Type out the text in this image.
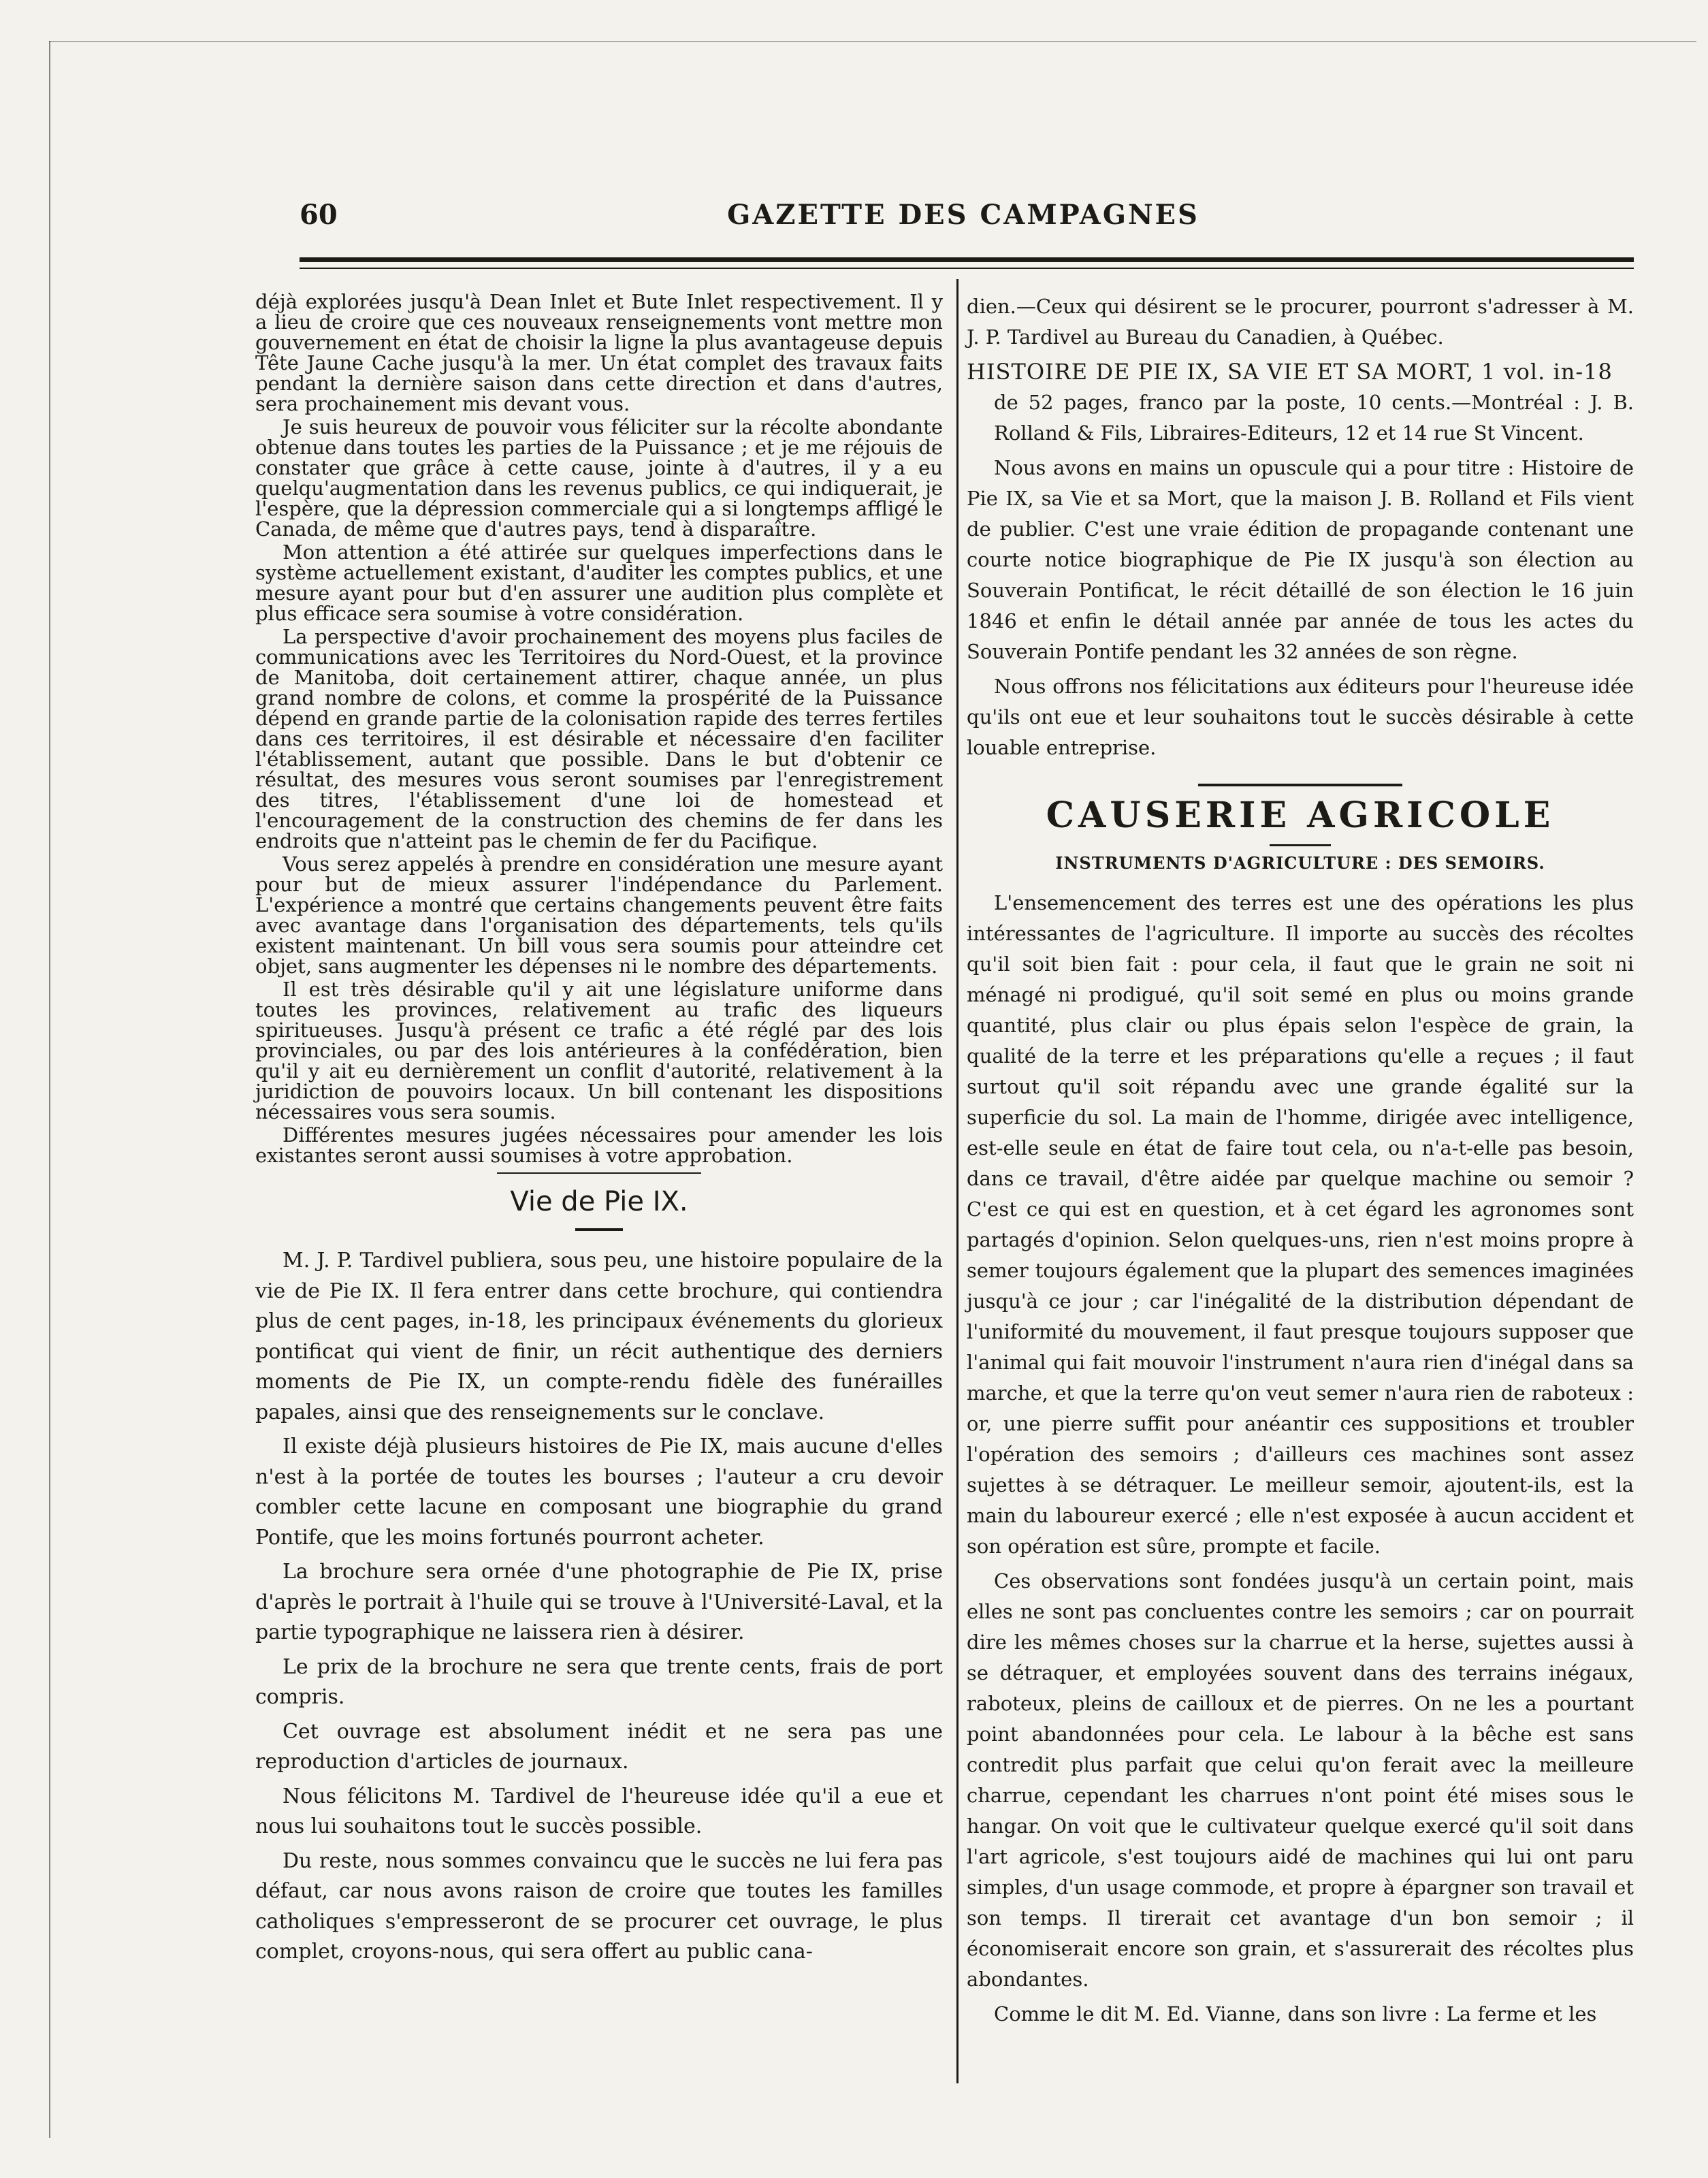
GAZETTE DES CAMPAGNES
60

déjà explorées jusqu'à Dean Inlet et Bute Inlet respectivement. Il y a lieu de croire que ces nouveaux renseignements vont mettre mon gouvernement en état de choisir la ligne la plus avantageuse depuis Tête Jaune Cache jusqu'à la mer. Un état complet des travaux faits pendant la dernière saison dans cette direction et dans d'autres, sera prochainement mis devant vous.

Je suis heureux de pouvoir vous féliciter sur la récolte abondante obtenue dans toutes les parties de la Puissance ; et je me réjouis de constater que grâce à cette cause, jointe à d'autres, il y a eu quelqu'augmentation dans les revenus publics, ce qui indiquerait, je l'espère, que la dépression commerciale qui a si longtemps affligé le Canada, de même que d'autres pays, tend à disparaître.

Mon attention a été attirée sur quelques imperfections dans le système actuellement existant, d'auditer les comptes publics, et une mesure ayant pour but d'en assurer une audition plus complète et plus efficace sera soumise à votre considération.

La perspective d'avoir prochainement des moyens plus faciles de communications avec les Territoires du Nord-Ouest, et la province de Manitoba, doit certainement attirer, chaque année, un plus grand nombre de colons, et comme la prospérité de la Puissance dépend en grande partie de la colonisation rapide des terres fertiles dans ces territoires, il est désirable et nécessaire d'en faciliter l'établissement, autant que possible. Dans le but d'obtenir ce résultat, des mesures vous seront soumises par l'enregistrement des titres, l'établissement d'une loi de homestead et l'encouragement de la construction des chemins de fer dans les endroits que n'atteint pas le chemin de fer du Pacifique.

Vous serez appelés à prendre en considération une mesure ayant pour but de mieux assurer l'indépendance du Parlement. L'expérience a montré que certains changements peuvent être faits avec avantage dans l'organisation des départements, tels qu'ils existent maintenant. Un bill vous sera soumis pour atteindre cet objet, sans augmenter les dépenses ni le nombre des départements.

Il est très désirable qu'il y ait une législature uniforme dans toutes les provinces, relativement au trafic des liqueurs spiritueuses. Jusqu'à présent ce trafic a été réglé par des lois provinciales, ou par des lois antérieures à la confédération, bien qu'il y ait eu dernièrement un conflit d'autorité, relativement à la juridiction de pouvoirs locaux. Un bill contenant les dispositions nécessaires vous sera soumis.

Différentes mesures jugées nécessaires pour amender les lois existantes seront aussi soumises à votre approbation.

Vie de Pie IX.

M. J. P. Tardivel publiera, sous peu, une histoire populaire de la vie de Pie IX. Il fera entrer dans cette brochure, qui contiendra plus de cent pages, in-18, les principaux événements du glorieux pontificat qui vient de finir, un récit authentique des derniers moments de Pie IX, un compte-rendu fidèle des funérailles papales, ainsi que des renseignements sur le conclave.

Il existe déjà plusieurs histoires de Pie IX, mais aucune d'elles n'est à la portée de toutes les bourses ; l'auteur a cru devoir combler cette lacune en composant une biographie du grand Pontife, que les moins fortunés pourront acheter.

La brochure sera ornée d'une photographie de Pie IX, prise d'après le portrait à l'huile qui se trouve à l'Université-Laval, et la partie typographique ne laissera rien à désirer.

Le prix de la brochure ne sera que trente cents, frais de port compris.

Cet ouvrage est absolument inédit et ne sera pas une reproduction d'articles de journaux.

Nous félicitons M. Tardivel de l'heureuse idée qu'il a eue et nous lui souhaitons tout le succès possible.

Du reste, nous sommes convaincu que le succès ne lui fera pas défaut, car nous avons raison de croire que toutes les familles catholiques s'empresseront de se procurer cet ouvrage, le plus complet, croyons-nous, qui sera offert au public cana-

dien.—Ceux qui désirent se le procurer, pourront s'adresser à M. J. P. Tardivel au Bureau du Canadien, à Québec.

HISTOIRE DE PIE IX, SA VIE ET SA MORT, 1 vol. in-18

de 52 pages, franco par la poste, 10 cents.—Montréal : J. B. Rolland & Fils, Libraires-Editeurs, 12 et 14 rue St Vincent.

Nous avons en mains un opuscule qui a pour titre : Histoire de Pie IX, sa Vie et sa Mort, que la maison J. B. Rolland et Fils vient de publier. C'est une vraie édition de propagande contenant une courte notice biographique de Pie IX jusqu'à son élection au Souverain Pontificat, le récit détaillé de son élection le 16 juin 1846 et enfin le détail année par année de tous les actes du Souverain Pontife pendant les 32 années de son règne.

Nous offrons nos félicitations aux éditeurs pour l'heureuse idée qu'ils ont eue et leur souhaitons tout le succès désirable à cette louable entreprise.

CAUSERIE AGRICOLE
INSTRUMENTS D'AGRICULTURE : DES SEMOIRS.

L'ensemencement des terres est une des opérations les plus intéressantes de l'agriculture. Il importe au succès des récoltes qu'il soit bien fait : pour cela, il faut que le grain ne soit ni ménagé ni prodigué, qu'il soit semé en plus ou moins grande quantité, plus clair ou plus épais selon l'espèce de grain, la qualité de la terre et les préparations qu'elle a reçues ; il faut surtout qu'il soit répandu avec une grande égalité sur la superficie du sol. La main de l'homme, dirigée avec intelligence, est-elle seule en état de faire tout cela, ou n'a-t-elle pas besoin, dans ce travail, d'être aidée par quelque machine ou semoir ? C'est ce qui est en question, et à cet égard les agronomes sont partagés d'opinion. Selon quelques-uns, rien n'est moins propre à semer toujours également que la plupart des semences imaginées jusqu'à ce jour ; car l'inégalité de la distribution dépendant de l'uniformité du mouvement, il faut presque toujours supposer que l'animal qui fait mouvoir l'instrument n'aura rien d'inégal dans sa marche, et que la terre qu'on veut semer n'aura rien de raboteux : or, une pierre suffit pour anéantir ces suppositions et troubler l'opération des semoirs ; d'ailleurs ces machines sont assez sujettes à se détraquer. Le meilleur semoir, ajoutent-ils, est la main du laboureur exercé ; elle n'est exposée à aucun accident et son opération est sûre, prompte et facile.

Ces observations sont fondées jusqu'à un certain point, mais elles ne sont pas concluentes contre les semoirs ; car on pourrait dire les mêmes choses sur la charrue et la herse, sujettes aussi à se détraquer, et employées souvent dans des terrains inégaux, raboteux, pleins de cailloux et de pierres. On ne les a pourtant point abandonnées pour cela. Le labour à la bêche est sans contredit plus parfait que celui qu'on ferait avec la meilleure charrue, cependant les charrues n'ont point été mises sous le hangar. On voit que le cultivateur quelque exercé qu'il soit dans l'art agricole, s'est toujours aidé de machines qui lui ont paru simples, d'un usage commode, et propre à épargner son travail et son temps. Il tirerait cet avantage d'un bon semoir ; il économiserait encore son grain, et s'assurerait des récoltes plus abondantes.

Comme le dit M. Ed. Vianne, dans son livre : La ferme et les
